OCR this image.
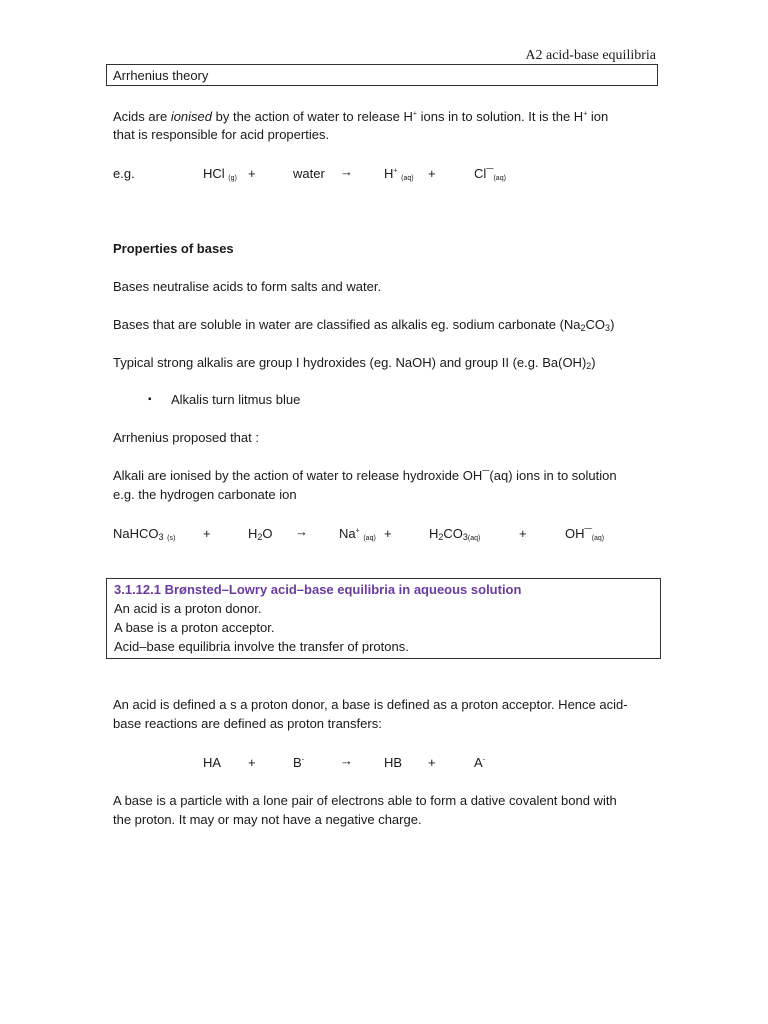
A2 acid-base equilibria
Arrhenius theory
Acids are ionised by the action of water to release H+ ions in to solution. It is the H+ ion
that is responsible for acid properties.
e.g.	HCl $_{(g)}$ +	water → H+ $_{(aq)}$ +	$Cl¯_{(aq)}$
Properties of bases
Bases neutralise acids to form salts and water.
Bases that are soluble in water are classified as alkalis eg. sodium carbonate $(Na_2CO_3)$
Typical strong alkalis are group I hydroxides (eg. NaOH) and group II (e.g. $Ba(OH)_2$)
▪ Alkalis turn litmus blue
Arrhenius proposed that :
Alkali are ionised by the action of water to release hydroxide OH¯(aq) ions in to solution
e.g. the hydrogen carbonate ion
NaHCO$_3$ $_{(s)}$ +	$H_2O \to Na^+$ $_{(aq)}$ +	$H_2CO_{3(aq)}$	+	$OH¯_{(aq)}$
3.1.12.1 Brønsted–Lowry acid–base equilibria in aqueous solution
An acid is a proton donor.
A base is a proton acceptor.
Acid–base equilibria involve the transfer of protons.
An acid is defined a s a proton donor, a base is defined as a proton acceptor. Hence acid-
base reactions are defined as proton transfers:
HA +	B-	→ HB +	A-
A base is a particle with a lone pair of electrons able to form a dative covalent bond with
the proton. It may or may not have a negative charge.
